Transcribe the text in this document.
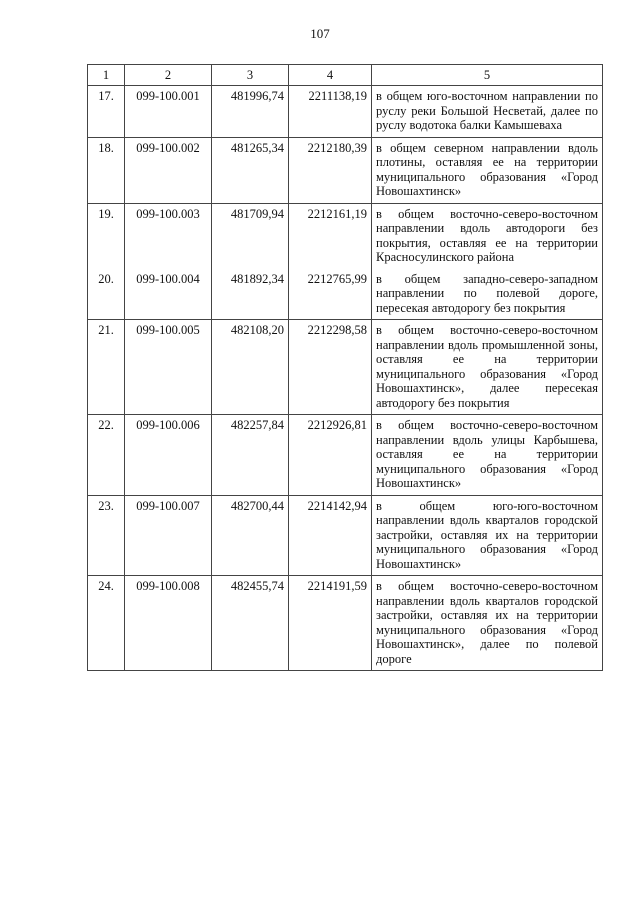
107
1	2	3	4	5
17.	099-100.001	481996,74	2211138,19	в общем юго-восточном направлении по руслу реки Большой Несветай, далее по руслу водотока балки Камышеваха
18.	099-100.002	481265,34	2212180,39	в общем северном направлении вдоль плотины, оставляя ее на территории муниципального образования «Город Новошахтинск»
19.	099-100.003	481709,94	2212161,19	в общем восточно-северо-восточном направлении вдоль автодороги без покрытия, оставляя ее на территории Красносулинского района
20.	099-100.004	481892,34	2212765,99	в общем западно-северо-западном направлении по полевой дороге, пересекая автодорогу без покрытия
21.	099-100.005	482108,20	2212298,58	в общем восточно-северо-восточном направлении вдоль промышленной зоны, оставляя ее на территории муниципального образования «Город Новошахтинск», далее пересекая автодорогу без покрытия
22.	099-100.006	482257,84	2212926,81	в общем восточно-северо-восточном направлении вдоль улицы Карбышева, оставляя ее на территории муниципального образования «Город Новошахтинск»
23.	099-100.007	482700,44	2214142,94	в общем юго-юго-восточном направлении вдоль кварталов городской застройки, оставляя их на территории муниципального образования «Город Новошахтинск»
24.	099-100.008	482455,74	2214191,59	в общем восточно-северо-восточном направлении вдоль кварталов городской застройки, оставляя их на территории муниципального образования «Город Новошахтинск», далее по полевой дороге
